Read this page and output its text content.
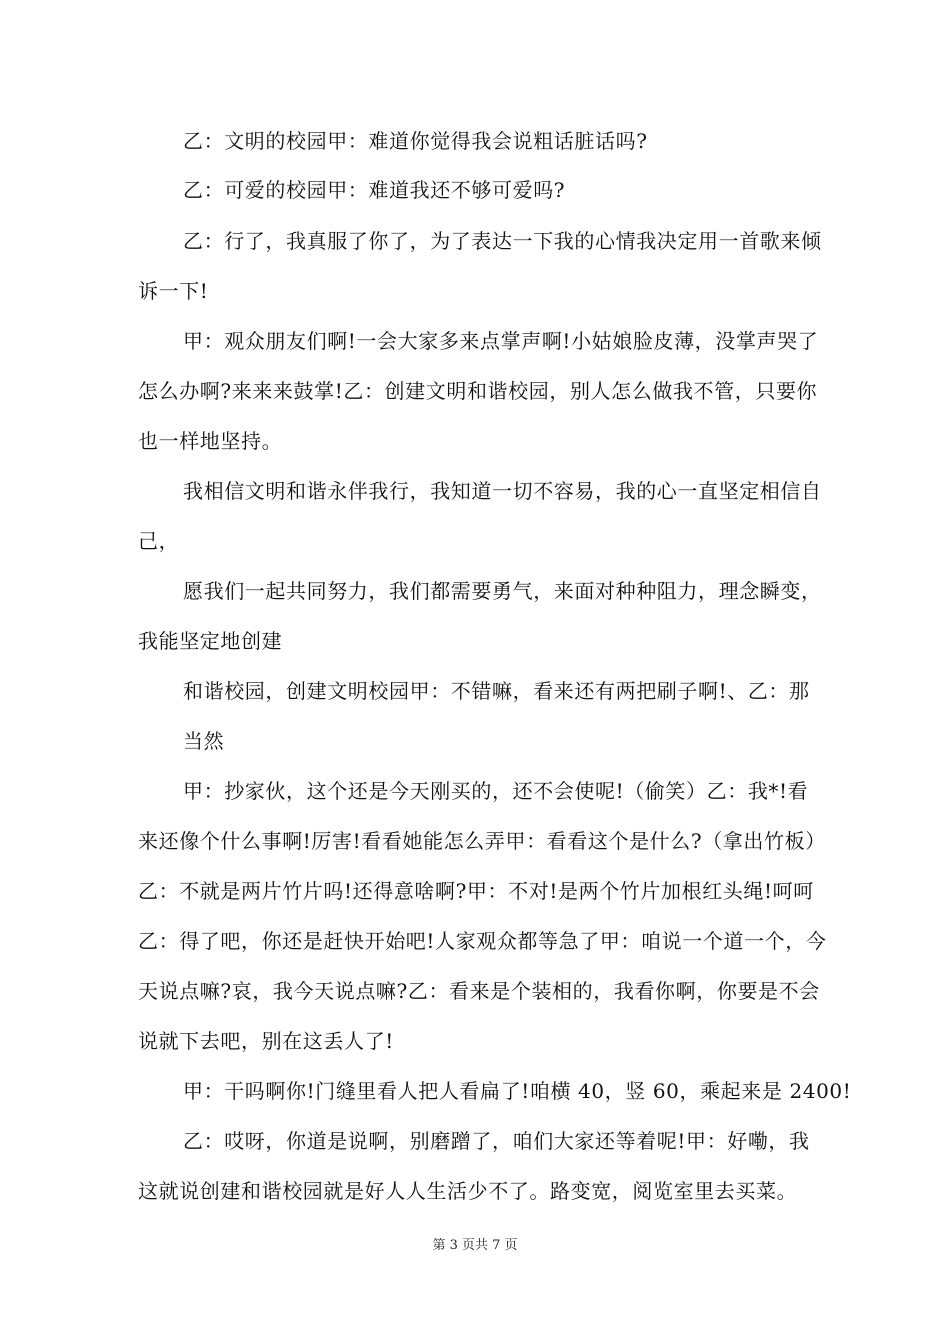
乙：文明的校园甲：难道你觉得我会说粗话脏话吗?
乙：可爱的校园甲：难道我还不够可爱吗?
乙：行了，我真服了你了，为了表达一下我的心情我决定用一首歌来倾
诉一下!
甲：观众朋友们啊!一会大家多来点掌声啊!小姑娘脸皮薄，没掌声哭了
怎么办啊?来来来鼓掌!乙：创建文明和谐校园，别人怎么做我不管，只要你
也一样地坚持。
我相信文明和谐永伴我行，我知道一切不容易，我的心一直坚定相信自
己，
愿我们一起共同努力，我们都需要勇气，来面对种种阻力，理念瞬变，
我能坚定地创建
和谐校园，创建文明校园甲：不错嘛，看来还有两把刷子啊!、乙：那
当然
甲：抄家伙，这个还是今天刚买的，还不会使呢!（偷笑）乙：我*!看
来还像个什么事啊!厉害!看看她能怎么弄甲：看看这个是什么?（拿出竹板）
乙：不就是两片竹片吗!还得意啥啊?甲：不对!是两个竹片加根红头绳!呵呵
乙：得了吧，你还是赶快开始吧!人家观众都等急了甲：咱说一个道一个，今
天说点嘛?哀，我今天说点嘛?乙：看来是个装相的，我看你啊，你要是不会
说就下去吧，别在这丢人了!
甲：干吗啊你!门缝里看人把人看扁了!咱横 40，竖 60，乘起来是 2400!
乙：哎呀，你道是说啊，别磨蹭了，咱们大家还等着呢!甲：好嘞，我
这就说创建和谐校园就是好人人生活少不了。路变宽，阅览室里去买菜。
第 3 页共 7 页
